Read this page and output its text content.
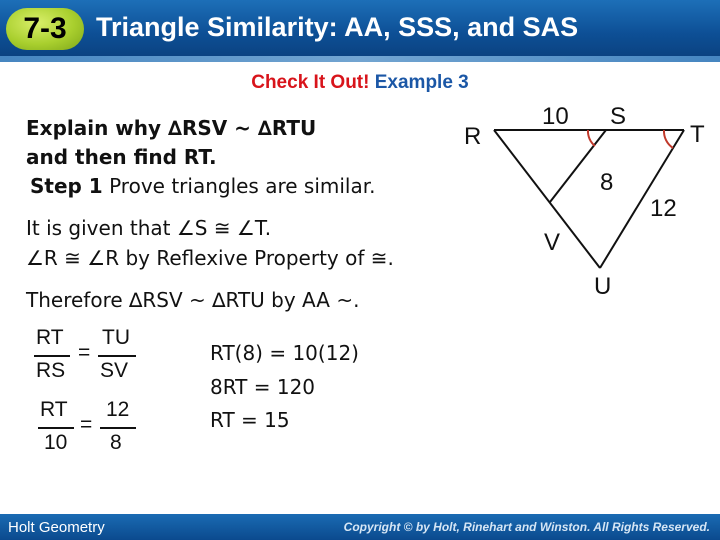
7-3	Triangle Similarity: AA, SSS, and SAS
Check It Out! Example 3
Explain why ∆RSV ~ ∆RTU
and then find RT.
Step 1 Prove triangles are similar.
It is given that ∠S ≅ ∠T.
∠R ≅ ∠R by Reflexive Property of ≅.
Therefore ∆RSV ~ ∆RTU by AA ~.
RT
RS
=
TU
SV
RT
10
=
12
8
RT(8) = 10(12)
8RT = 120
RT = 15
R
S
T
U
V
10
8
12
Holt Geometry	Copyright © by Holt, Rinehart and Winston. All Rights Reserved.
